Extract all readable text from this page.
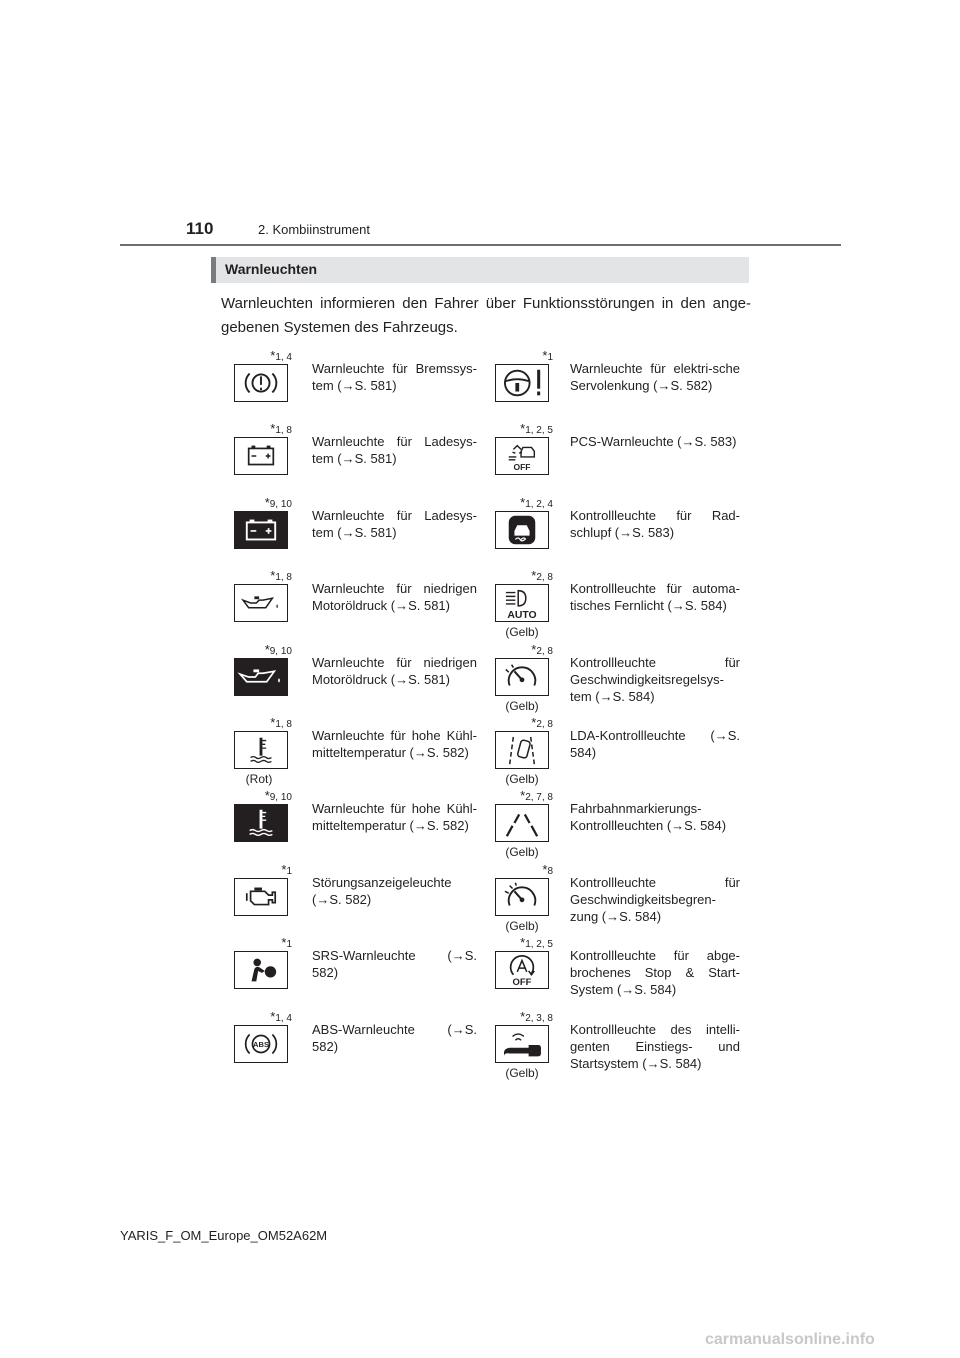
110	2. Kombiinstrument
Warnleuchten
Warnleuchten informieren den Fahrer über Funktionsstörungen in den ange-gebenen Systemen des Fahrzeugs.
*1, 4
Warnleuchte für Bremssys-tem (→S. 581)
*1, 8
Warnleuchte für Ladesys-tem (→S. 581)
*9, 10
Warnleuchte für Ladesys-tem (→S. 581)
*1, 8
Warnleuchte für niedrigen Motoröldruck (→S. 581)
*9, 10
Warnleuchte für niedrigen Motoröldruck (→S. 581)
*1, 8
(Rot)
Warnleuchte für hohe Kühl-mitteltemperatur (→S. 582)
*9, 10
Warnleuchte für hohe Kühl-mitteltemperatur (→S. 582)
*1
Störungsanzeigeleuchte (→S. 582)
*1
SRS-Warnleuchte (→S. 582)
*1, 4
ABS
ABS-Warnleuchte (→S. 582)
*1
Warnleuchte für elektri-sche Servolenkung (→S. 582)
*1, 2, 5
OFF
PCS-Warnleuchte (→S. 583)
*1, 2, 4
Kontrollleuchte für Rad-schlupf (→S. 583)
*2, 8
AUTO
(Gelb)
Kontrollleuchte für automa-tisches Fernlicht (→S. 584)
*2, 8
(Gelb)
Kontrollleuchte für Geschwindigkeitsregelsys-tem (→S. 584)
*2, 8
(Gelb)
LDA-Kontrollleuchte (→S. 584)
*2, 7, 8
(Gelb)
Fahrbahnmarkierungs-Kontrollleuchten (→S. 584)
*8
(Gelb)
Kontrollleuchte für Geschwindigkeitsbegren-zung (→S. 584)
*1, 2, 5
OFF
Kontrollleuchte für abge-brochenes Stop & Start-System (→S. 584)
*2, 3, 8
(Gelb)
Kontrollleuchte des intelli-genten Einstiegs- und Startsystem (→S. 584)
YARIS_F_OM_Europe_OM52A62M
carmanualsonline.info
